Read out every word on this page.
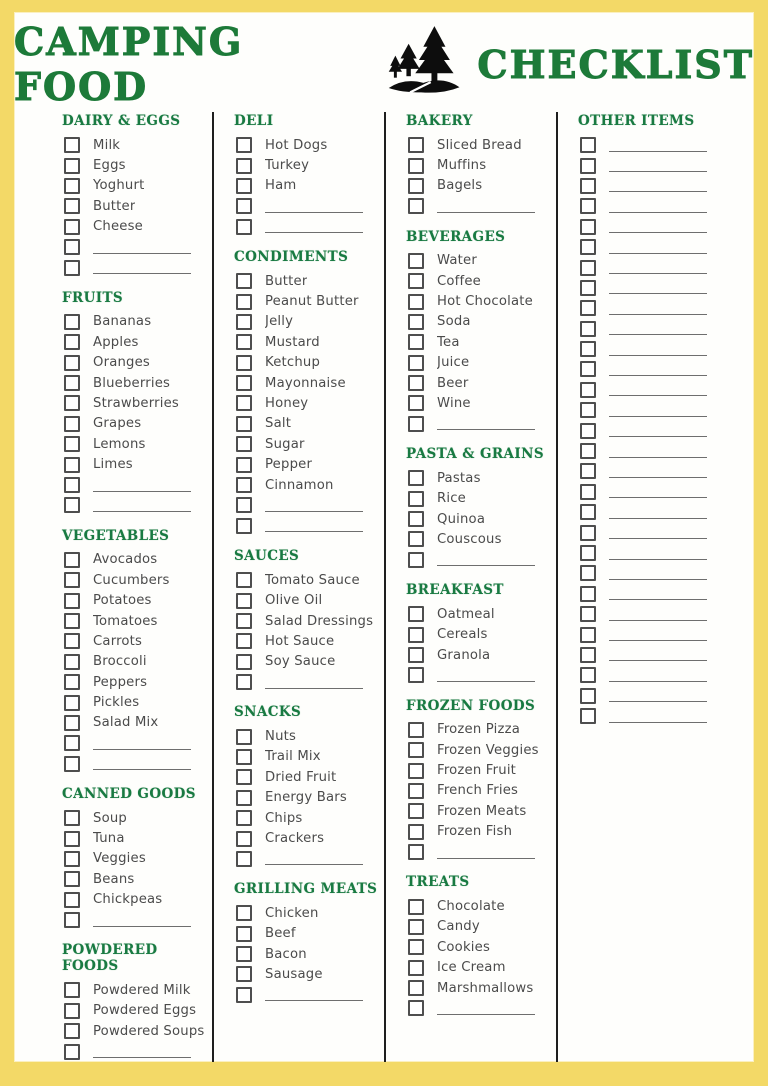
CAMPING FOOD	CHECKLIST
DAIRY & EGGS
Milk
Eggs
Yoghurt
Butter
Cheese
FRUITS
Bananas
Apples
Oranges
Blueberries
Strawberries
Grapes
Lemons
Limes
VEGETABLES
Avocados
Cucumbers
Potatoes
Tomatoes
Carrots
Broccoli
Peppers
Pickles
Salad Mix
CANNED GOODS
Soup
Tuna
Veggies
Beans
Chickpeas
POWDERED FOODS
Powdered Milk
Powdered Eggs
Powdered Soups
DELI
Hot Dogs
Turkey
Ham
CONDIMENTS
Butter
Peanut Butter
Jelly
Mustard
Ketchup
Mayonnaise
Honey
Salt
Sugar
Pepper
Cinnamon
SAUCES
Tomato Sauce
Olive Oil
Salad Dressings
Hot Sauce
Soy Sauce
SNACKS
Nuts
Trail Mix
Dried Fruit
Energy Bars
Chips
Crackers
GRILLING MEATS
Chicken
Beef
Bacon
Sausage
BAKERY
Sliced Bread
Muffins
Bagels
BEVERAGES
Water
Coffee
Hot Chocolate
Soda
Tea
Juice
Beer
Wine
PASTA & GRAINS
Pastas
Rice
Quinoa
Couscous
BREAKFAST
Oatmeal
Cereals
Granola
FROZEN FOODS
Frozen Pizza
Frozen Veggies
Frozen Fruit
French Fries
Frozen Meats
Frozen Fish
TREATS
Chocolate
Candy
Cookies
Ice Cream
Marshmallows
OTHER ITEMS
